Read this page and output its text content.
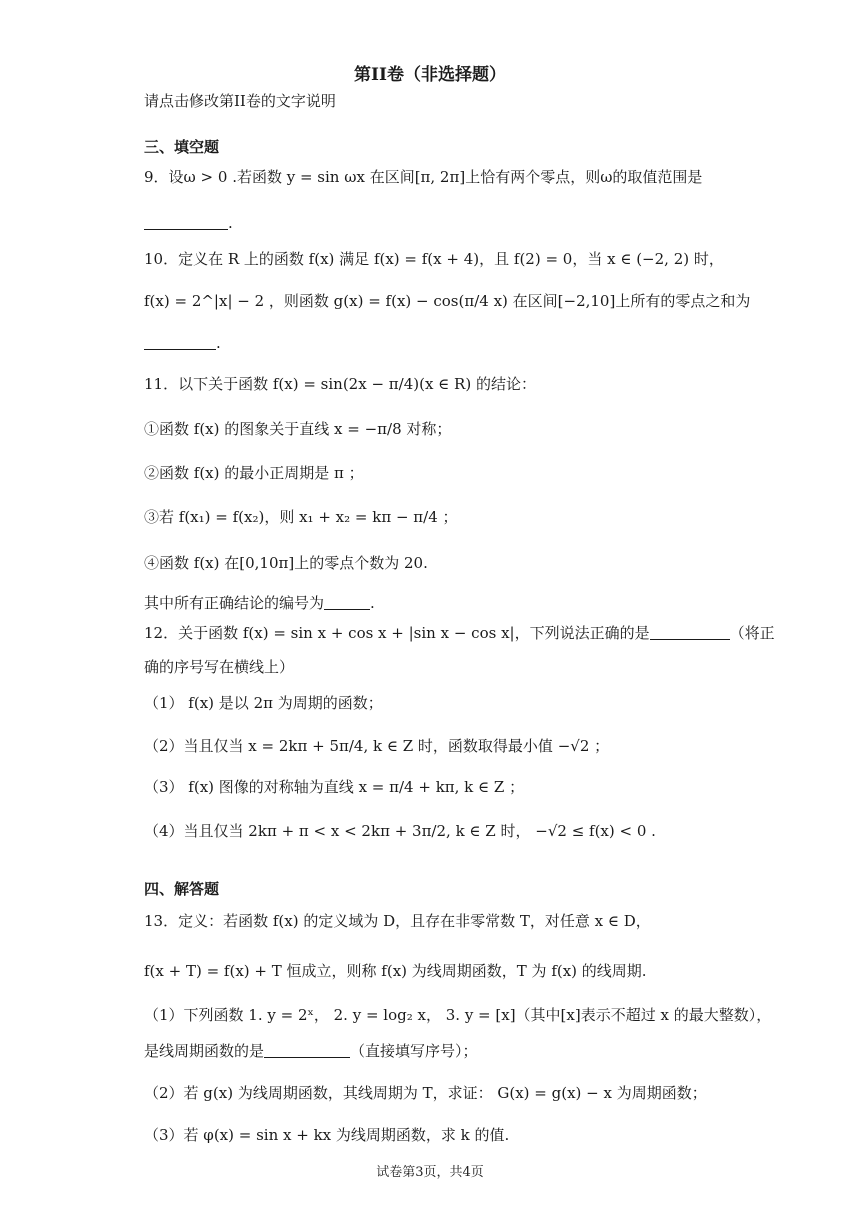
第II卷（非选择题）
请点击修改第II卷的文字说明
三、填空题
9．设ω > 0 .若函数 y = sin ωx 在区间[π, 2π]上恰有两个零点，则ω的取值范围是
.
10．定义在 R 上的函数 f(x) 满足 f(x) = f(x + 4)，且 f(2) = 0，当 x ∈ (−2, 2) 时，
f(x) = 2^|x| − 2 ，则函数 g(x) = f(x) − cos(π/4 x) 在区间[−2,10]上所有的零点之和为
.
11．以下关于函数 f(x) = sin(2x − π/4)(x ∈ R) 的结论：
①函数 f(x) 的图象关于直线 x = −π/8 对称；
②函数 f(x) 的最小正周期是 π ；
③若 f(x₁) = f(x₂)，则 x₁ + x₂ = kπ − π/4 ；
④函数 f(x) 在[0,10π]上的零点个数为 20.
其中所有正确结论的编号为	.
12．关于函数 f(x) = sin x + cos x + |sin x − cos x|，下列说法正确的是	（将正
确的序号写在横线上）
（1） f(x) 是以 2π 为周期的函数；
（2）当且仅当 x = 2kπ + 5π/4, k ∈ Z 时，函数取得最小值 −√2 ；
（3） f(x) 图像的对称轴为直线 x = π/4 + kπ, k ∈ Z ；
（4）当且仅当 2kπ + π < x < 2kπ + 3π/2, k ∈ Z 时， −√2 ≤ f(x) < 0 .
四、解答题
13．定义：若函数 f(x) 的定义域为 D，且存在非零常数 T，对任意 x ∈ D，
f(x + T) = f(x) + T 恒成立，则称 f(x) 为线周期函数，T 为 f(x) 的线周期.
（1）下列函数 1. y = 2ˣ， 2. y = log₂ x， 3. y = [x]（其中[x]表示不超过 x 的最大整数），
是线周期函数的是	（直接填写序号）；
（2）若 g(x) 为线周期函数，其线周期为 T，求证： G(x) = g(x) − x 为周期函数；
（3）若 φ(x) = sin x + kx 为线周期函数，求 k 的值.
试卷第3页，共4页
